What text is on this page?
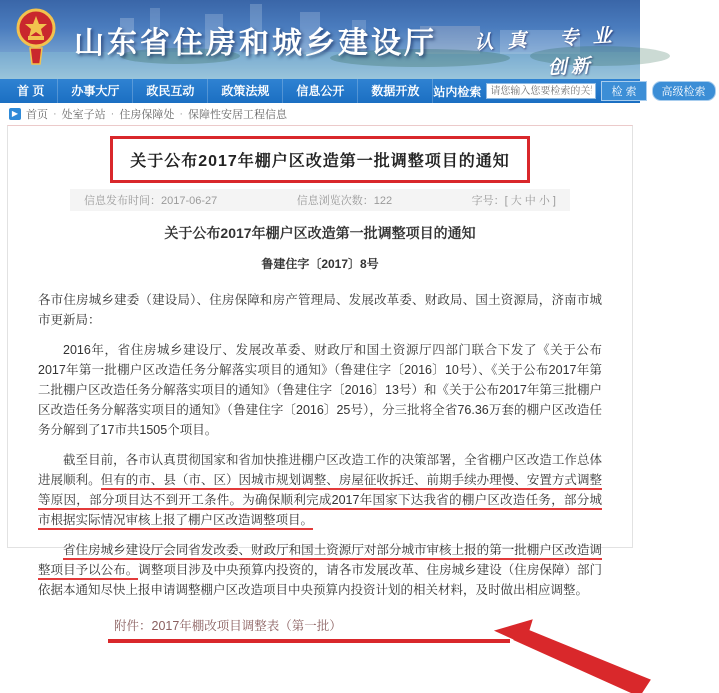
山东省住房和城乡建设厅 认真 专业
创新
首 页	办事大厅	政民互动	政策法规	信息公开	数据开放	站内检索
请您输入您要检索的关键字	检 索	高级检索
▶ 首页 · 处室子站 · 住房保障处 · 保障性安居工程信息
关于公布2017年棚户区改造第一批调整项目的通知
信息发布时间：2017-06-27	信息浏览次数：122	字号：[ 大 中 小 ]
关于公布2017年棚户区改造第一批调整项目的通知
鲁建住字〔2017〕8号

各市住房城乡建委（建设局）、住房保障和房产管理局、发展改革委、财政局、国土资源局，济南市城市更新局：

2016年，省住房城乡建设厅、发展改革委、财政厅和国土资源厅四部门联合下发了《关于公布2017年第一批棚户区改造任务分解落实项目的通知》（鲁建住字〔2016〕10号）、《关于公布2017年第二批棚户区改造任务分解落实项目的通知》（鲁建住字〔2016〕13号）和《关于公布2017年第三批棚户区改造任务分解落实项目的通知》（鲁建住字〔2016〕25号），分三批将全省76.36万套的棚户区改造任务分解到了17市共1505个项目。

截至目前，各市认真贯彻国家和省加快推进棚户区改造工作的决策部署，全省棚户区改造工作总体进展顺利。但有的市、县（市、区）因城市规划调整、房屋征收拆迁、前期手续办理慢、安置方式调整等原因，部分项目达不到开工条件。为确保顺利完成2017年国家下达我省的棚户区改造任务，部分城市根据实际情况审核上报了棚户区改造调整项目。

省住房城乡建设厅会同省发改委、财政厅和国土资源厅对部分城市审核上报的第一批棚户区改造调整项目予以公布。调整项目涉及中央预算内投资的，请各市发展改革、住房城乡建设（住房保障）部门依据本通知尽快上报申请调整棚户区改造项目中央预算内投资计划的相关材料，及时做出相应调整。

附件：2017年棚改项目调整表（第一批）
